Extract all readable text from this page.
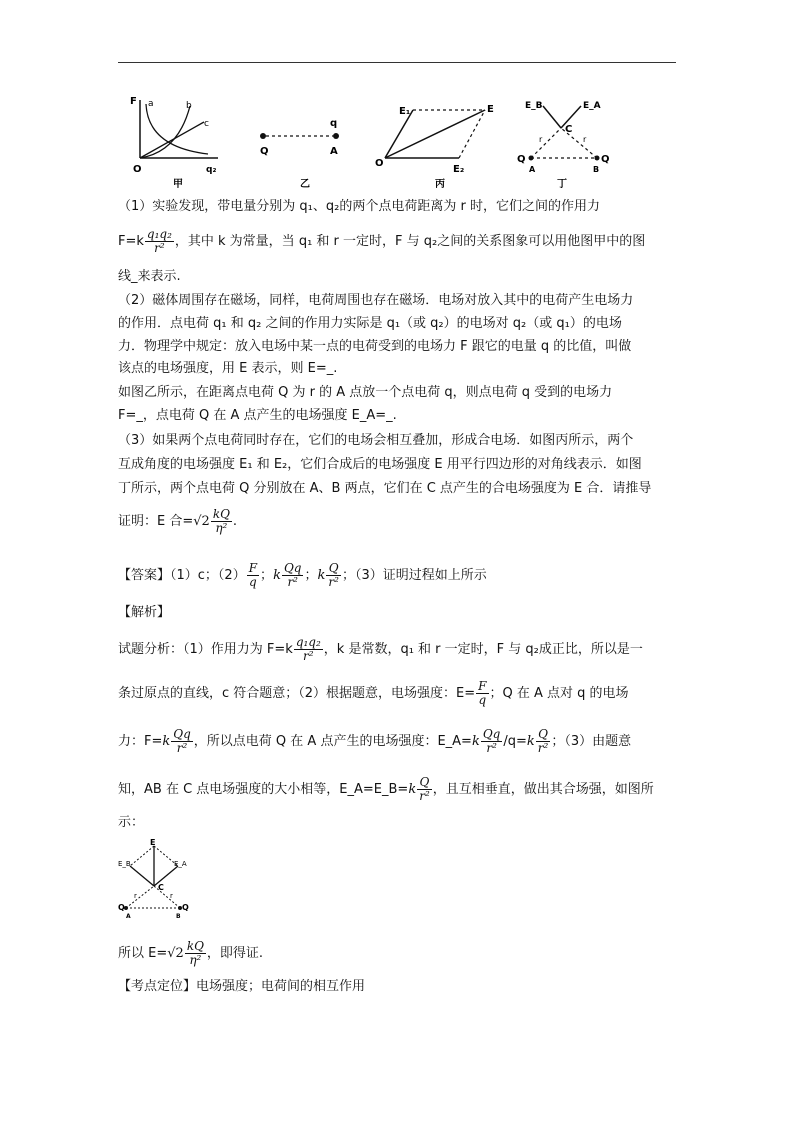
F a	b
c
O	q₂
甲
Q
q
A
乙
E₁	E
O
E₂
丙
E_B	E_A
C
r	r
Q	Q
A	B
丁
（1）实验发现，带电量分别为 q₁、q₂的两个点电荷距离为 r 时，它们之间的作用力
$F=k \frac{\text{q₁q₂}}{\text{r²}}$ ，其中 k 为常量，当 q₁ 和 r 一定时，F 与 q₂之间的关系图象可以用他图甲中的图
线_来表示.
（2）磁体周围存在磁场，同样，电荷周围也存在磁场．电场对放入其中的电荷产生电场力
的作用．点电荷 q₁ 和 q₂ 之间的作用力实际是 q₁（或 q₂）的电场对 q₂（或 q₁）的电场
力．物理学中规定：放入电场中某一点的电荷受到的电场力 F 跟它的电量 q 的比值，叫做
该点的电场强度，用 E 表示，则 E=_.
如图乙所示，在距离点电荷 Q 为 r 的 A 点放一个点电荷 q，则点电荷 q 受到的电场力
F=_，点电荷 Q 在 A 点产生的电场强度 E_A=_.
（3）如果两个点电荷同时存在，它们的电场会相互叠加，形成合电场．如图丙所示，两个
互成角度的电场强度 E₁ 和 E₂，它们合成后的电场强度 E 用平行四边形的对角线表示．如图
丁所示，两个点电荷 Q 分别放在 A、B 两点，它们在 C 点产生的合电场强度为 E 合．请推导
证明：E 合$=√2 \frac{kQ}{\text{η²}}$ .
【答案】（1）c；$(2) \frac{F}{q}$ ；k $\frac{Qq}{\text{r²}}$ ；k $\frac{Q}{\text{r²}}$ ；（3）证明过程如上所示
【解析】
试题分析：（1）作用力为 $F=k \frac{\text{q₁q₂}}{\text{r²}}$ ，k 是常数，q₁ 和 r 一定时，F 与 q₂成正比，所以是一
条过原点的直线，c 符合题意；（2）根据题意，电场强度：$E= \frac{F}{q}$ ；Q 在 A 点对 q 的电场
力：$F=k \frac{Qq}{\text{r²}}$ ，所以点电荷 Q 在 A 点产生的电场强度：E_A=k $\frac{Qq}{\text{r²}} /q=k \frac{Q}{\text{r²}}$ ；（3）由题意
知，AB 在 C 点电场强度的大小相等，E_A=E_B=k $\frac{Q}{\text{r²}}$ ，且互相垂直，做出其合场强，如图所
示：
E
E_B	E_A
C
r	r
Q	Q
A	B
所以 $E=√2 \frac{kQ}{\text{η²}}$ ，即得证.
【考点定位】电场强度；电荷间的相互作用
